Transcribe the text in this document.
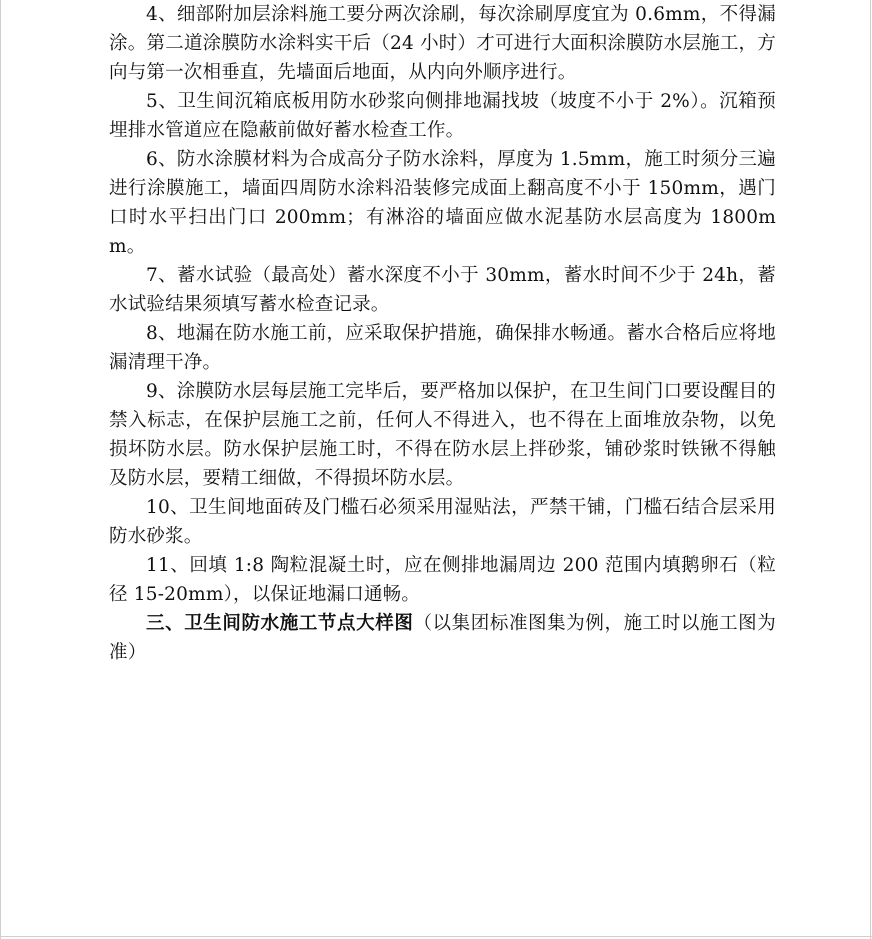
4、细部附加层涂料施工要分两次涂刷，每次涂刷厚度宜为 0.6mm，不得漏涂。第二道涂膜防水涂料实干后（24 小时）才可进行大面积涂膜防水层施工，方向与第一次相垂直，先墙面后地面，从内向外顺序进行。

5、卫生间沉箱底板用防水砂浆向侧排地漏找坡（坡度不小于 2%）。沉箱预埋排水管道应在隐蔽前做好蓄水检查工作。

6、防水涂膜材料为合成高分子防水涂料，厚度为 1.5mm，施工时须分三遍进行涂膜施工，墙面四周防水涂料沿装修完成面上翻高度不小于 150mm，遇门口时水平扫出门口 200mm；有淋浴的墙面应做水泥基防水层高度为 1800mm。

7、蓄水试验（最高处）蓄水深度不小于 30mm，蓄水时间不少于 24h，蓄水试验结果须填写蓄水检查记录。

8、地漏在防水施工前，应采取保护措施，确保排水畅通。蓄水合格后应将地漏清理干净。

9、涂膜防水层每层施工完毕后，要严格加以保护，在卫生间门口要设醒目的禁入标志，在保护层施工之前，任何人不得进入，也不得在上面堆放杂物，以免损坏防水层。防水保护层施工时，不得在防水层上拌砂浆，铺砂浆时铁锹不得触及防水层，要精工细做，不得损坏防水层。

10、卫生间地面砖及门槛石必须采用湿贴法，严禁干铺，门槛石结合层采用防水砂浆。

11、回填 1:8 陶粒混凝土时，应在侧排地漏周边 200 范围内填鹅卵石（粒径 15-20mm），以保证地漏口通畅。

三、卫生间防水施工节点大样图（以集团标准图集为例，施工时以施工图为准）
